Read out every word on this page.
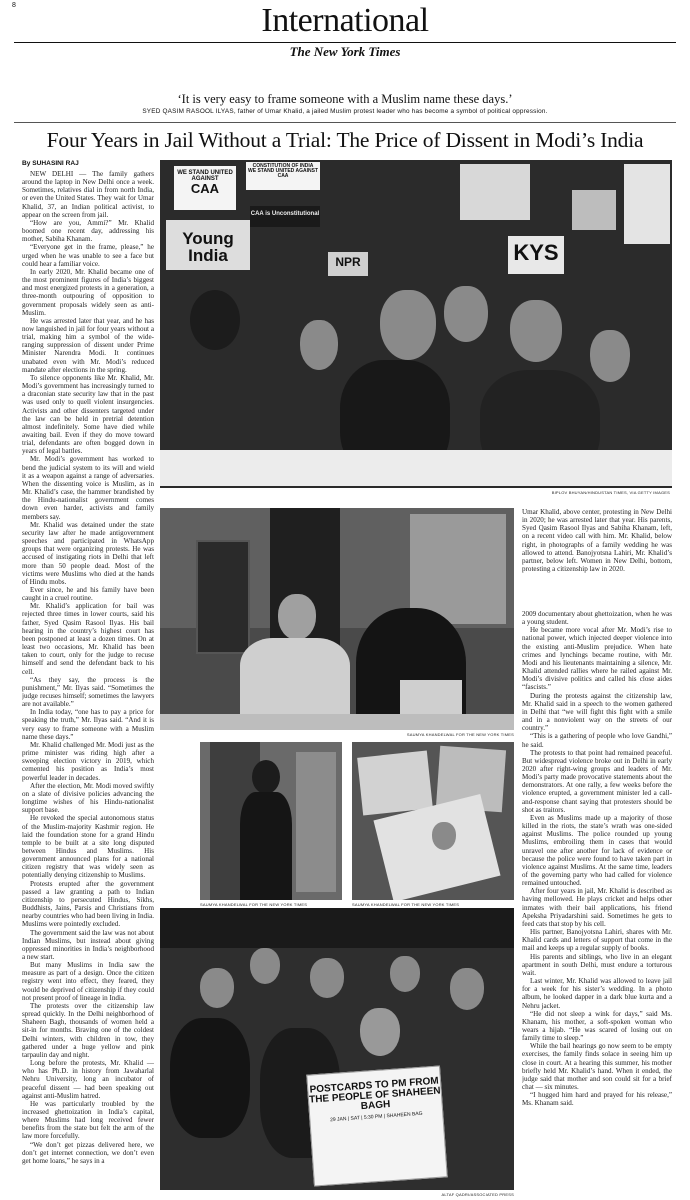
8	International
The New York Times
‘It is very easy to frame someone with a Muslim name these days.’
SYED QASIM RASOOL ILYAS, father of Umar Khalid, a jailed Muslim protest leader who has become a symbol of political oppression.
Four Years in Jail Without a Trial: The Price of Dissent in Modi’s India
By SUHASINI RAJ

NEW DELHI — The family gathers around the laptop in New Delhi once a week. Sometimes, relatives dial in from north India, or even the United States. They wait for Umar Khalid, 37, an Indian political activist, to appear on the screen from jail.

“How are you, Ammi?” Mr. Khalid boomed one recent day, addressing his mother, Sabiha Khanam.

“Everyone get in the frame, please,” he urged when he was unable to see a face but could hear a familiar voice.

In early 2020, Mr. Khalid became one of the most prominent figures of India’s biggest and most energized protests in a generation, a three-month outpouring of opposition to government proposals widely seen as anti-Muslim.

He was arrested later that year, and he has now languished in jail for four years without a trial, making him a symbol of the wide-ranging suppression of dissent under Prime Minister Narendra Modi. It continues unabated even with Mr. Modi’s reduced mandate after elections in the spring.

To silence opponents like Mr. Khalid, Mr. Modi’s government has increasingly turned to a draconian state security law that in the past was used only to quell violent insurgencies. Activists and other dissenters targeted under the law can be held in pretrial detention almost indefinitely. Some have died while awaiting bail. Even if they do move toward trial, defendants are often bogged down in years of legal battles.

Mr. Modi’s government has worked to bend the judicial system to its will and wield it as a weapon against a range of adversaries. When the dissenting voice is Muslim, as in Mr. Khalid’s case, the hammer brandished by the Hindu-nationalist government comes down even harder, activists and family members say.

Mr. Khalid was detained under the state security law after he made antigovernment speeches and participated in WhatsApp groups that were organizing protests. He was accused of instigating riots in Delhi that left more than 50 people dead. Most of the victims were Muslims who died at the hands of Hindu mobs.

Ever since, he and his family have been caught in a cruel routine.

Mr. Khalid’s application for bail was rejected three times in lower courts, said his father, Syed Qasim Rasool Ilyas. His bail hearing in the country’s highest court has been postponed at least a dozen times. On at least two occasions, Mr. Khalid has been taken to court, only for the judge to recuse himself and send the defendant back to his cell.

“As they say, the process is the punishment,” Mr. Ilyas said. “Sometimes the judge recuses himself; sometimes the lawyers are not available.”

In India today, “one has to pay a price for speaking the truth,” Mr. Ilyas said. “And it is very easy to frame someone with a Muslim name these days.”

Mr. Khalid challenged Mr. Modi just as the prime minister was riding high after a sweeping election victory in 2019, which cemented his position as India’s most powerful leader in decades.

After the election, Mr. Modi moved swiftly on a slate of divisive policies advancing the longtime wishes of his Hindu-nationalist support base.

He revoked the special autonomous status of the Muslim-majority Kashmir region. He laid the foundation stone for a grand Hindu temple to be built at a site long disputed between Hindus and Muslims. His government announced plans for a national citizen registry that was widely seen as potentially denying citizenship to Muslims.

Protests erupted after the government passed a law granting a path to Indian citizenship to persecuted Hindus, Sikhs, Buddhists, Jains, Parsis and Christians from nearby countries who had been living in India. Muslims were pointedly excluded.

The government said the law was not about Indian Muslims, but instead about giving oppressed minorities in India’s neighborhood a new start.

But many Muslims in India saw the measure as part of a design. Once the citizen registry went into effect, they feared, they would be deprived of citizenship if they could not present proof of lineage in India.

The protests over the citizenship law spread quickly. In the Delhi neighborhood of Shaheen Bagh, thousands of women held a sit-in for months. Braving one of the coldest Delhi winters, with children in tow, they gathered under a huge yellow and pink tarpaulin day and night.

Long before the protests, Mr. Khalid — who has Ph.D. in history from Jawaharlal Nehru University, long an incubator of peaceful dissent — had been speaking out against anti-Muslim hatred.

He was particularly troubled by the increased ghettoization in India’s capital, where Muslims had long received fewer benefits from the state but felt the arm of the law more forcefully.

“We don’t get pizzas delivered here, we don’t get internet connection, we don’t even get home loans,” he says in a

WE STAND UNITED AGAINST
CAA
CONSTITUTION OF INDIA
WE STAND UNITED AGAINST CAA
CAA is Unconstitutional
Young India	NPR	KYS
BIPLOV BHUYAN/HINDUSTAN TIMES, VIA GETTY IMAGES
SAUMYA KHANDELWAL FOR THE NEW YORK TIMES

Umar Khalid, above center, protesting in New Delhi in 2020; he was arrested later that year. His parents, Syed Qasim Rasool Ilyas and Sabiha Khanam, left, on a recent video call with him. Mr. Khalid, below right, in photographs of a family wedding he was allowed to attend. Banojyotsna Lahiri, Mr. Khalid’s partner, below left. Women in New Delhi, bottom, protesting a citizenship law in 2020.

SAUMYA KHANDELWAL FOR THE NEW YORK TIMES	SAUMYA KHANDELWAL FOR THE NEW YORK TIMES
POSTCARDS TO PM FROM THE PEOPLE OF SHAHEEN BAGH
29 JAN | SAT | 5:30 PM | SHAHEEN BAG
ALTAF QADRI/ASSOCIATED PRESS

2009 documentary about ghettoization, when he was a young student.

He became more vocal after Mr. Modi’s rise to national power, which injected deeper violence into the existing anti-Muslim prejudice. When hate crimes and lynchings became routine, with Mr. Modi and his lieutenants maintaining a silence, Mr. Khalid attended rallies where he railed against Mr. Modi’s divisive politics and called his close aides “fascists.”

During the protests against the citizenship law, Mr. Khalid said in a speech to the women gathered in Delhi that “we will fight this fight with a smile and in a nonviolent way on the streets of our country.”

“This is a gathering of people who love Gandhi,” he said.

The protests to that point had remained peaceful. But widespread violence broke out in Delhi in early 2020 after right-wing groups and leaders of Mr. Modi’s party made provocative statements about the demonstrators. At one rally, a few weeks before the violence erupted, a government minister led a call-and-response chant saying that protesters should be shot as traitors.

Even as Muslims made up a majority of those killed in the riots, the state’s wrath was one-sided against Muslims. The police rounded up young Muslims, embroiling them in cases that would unravel one after another for lack of evidence or because the police were found to have taken part in violence against Muslims. At the same time, leaders of the governing party who had called for violence remained untouched.

After four years in jail, Mr. Khalid is described as having mellowed. He plays cricket and helps other inmates with their bail applications, his friend Apeksha Priyadarshini said. Sometimes he gets to feed cats that stop by his cell.

His partner, Banojyotsna Lahiri, shares with Mr. Khalid cards and letters of support that come in the mail and keeps up a regular supply of books.

His parents and siblings, who live in an elegant apartment in south Delhi, must endure a torturous wait.

Last winter, Mr. Khalid was allowed to leave jail for a week for his sister’s wedding. In a photo album, he looked dapper in a dark blue kurta and a Nehru jacket.

“He did not sleep a wink for days,” said Ms. Khanam, his mother, a soft-spoken woman who wears a hijab. “He was scared of losing out on family time to sleep.”

While the bail hearings go now seem to be empty exercises, the family finds solace in seeing him up close in court. At a hearing this summer, his mother briefly held Mr. Khalid’s hand. When it ended, the judge said that mother and son could sit for a brief chat — six minutes.

“I hugged him hard and prayed for his release,” Ms. Khanam said.
